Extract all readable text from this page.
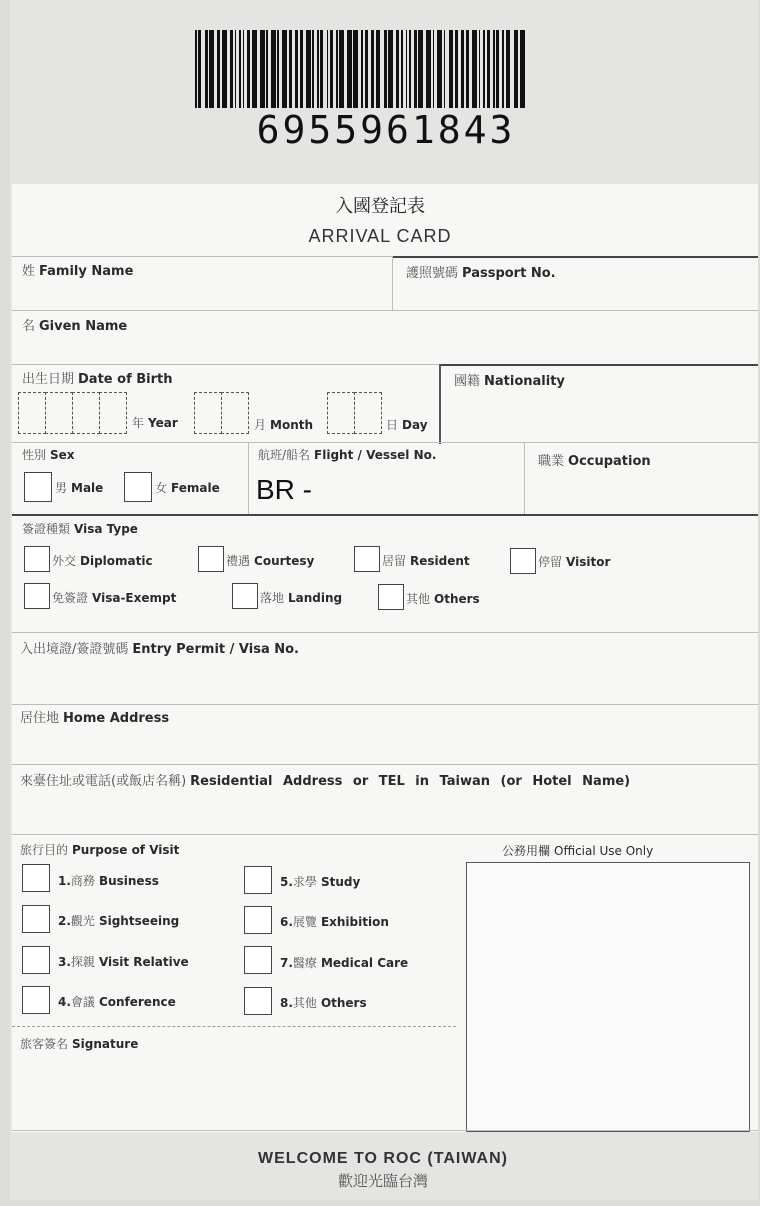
6955961843
入國登記表
ARRIVAL CARD
姓 Family Name	護照號碼 Passport No.
名 Given Name
出生日期 Date of Birth	國籍 Nationality
年 Year	月 Month	日 Day
性別 Sex
男 Male	女 Female
航班/船名 Flight / Vessel No.
BR -
職業 Occupation
簽證種類 Visa Type
外交 Diplomatic	禮遇 Courtesy	居留 Resident	停留 Visitor
免簽證 Visa-Exempt	落地 Landing	其他 Others
入出境證/簽證號碼 Entry Permit / Visa No.
居住地 Home Address
來臺住址或電話(或飯店名稱) Residential Address or TEL in Taiwan (or Hotel Name)
旅行目的 Purpose of Visit	公務用欄 Official Use Only
1.商務 Business
2.觀光 Sightseeing
3.探親 Visit Relative
4.會議 Conference
5.求學 Study
6.展覽 Exhibition
7.醫療 Medical Care
8.其他 Others
旅客簽名 Signature
WELCOME TO ROC (TAIWAN)
歡迎光臨台灣
